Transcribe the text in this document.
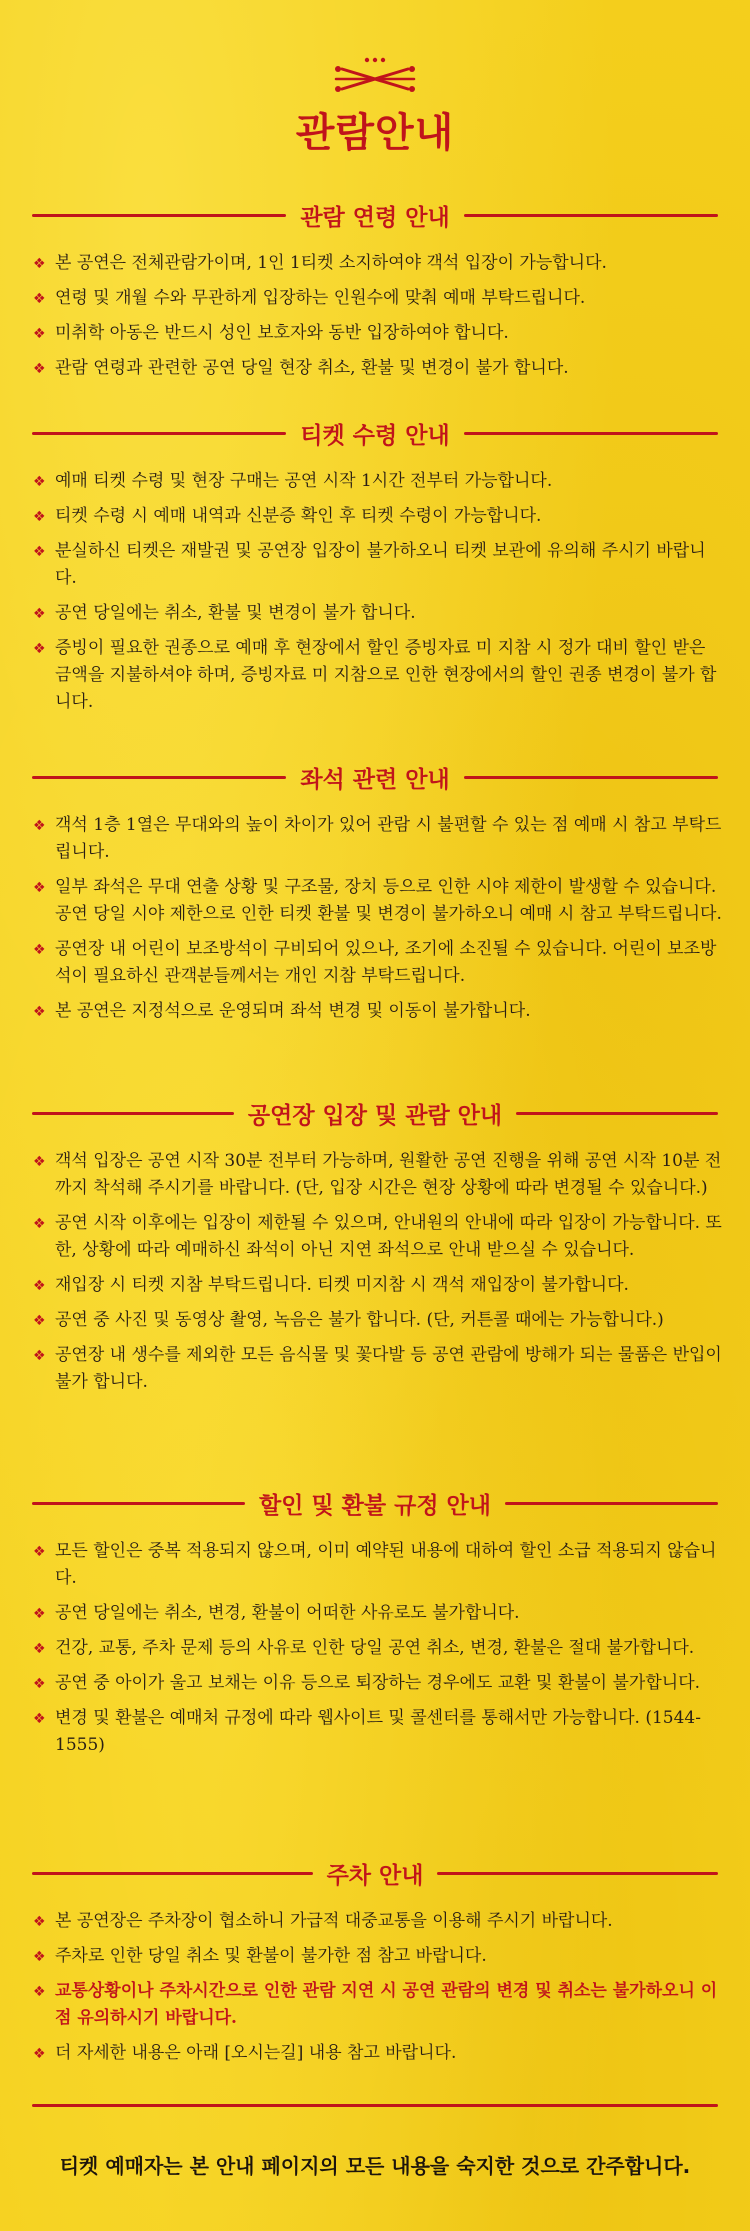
관람안내
관람 연령 안내
❖ 본 공연은 전체관람가이며, 1인 1티켓 소지하여야 객석 입장이 가능합니다.
❖ 연령 및 개월 수와 무관하게 입장하는 인원수에 맞춰 예매 부탁드립니다.
❖ 미취학 아동은 반드시 성인 보호자와 동반 입장하여야 합니다.
❖ 관람 연령과 관련한 공연 당일 현장 취소, 환불 및 변경이 불가 합니다.
티켓 수령 안내
❖ 예매 티켓 수령 및 현장 구매는 공연 시작 1시간 전부터 가능합니다.
❖ 티켓 수령 시 예매 내역과 신분증 확인 후 티켓 수령이 가능합니다.
❖ 분실하신 티켓은 재발권 및 공연장 입장이 불가하오니 티켓 보관에 유의해 주시기 바랍니다.
❖ 공연 당일에는 취소, 환불 및 변경이 불가 합니다.
❖ 증빙이 필요한 권종으로 예매 후 현장에서 할인 증빙자료 미 지참 시 정가 대비 할인 받은 금액을 지불하셔야 하며, 증빙자료 미 지참으로 인한 현장에서의 할인 권종 변경이 불가 합니다.
좌석 관련 안내
❖ 객석 1층 1열은 무대와의 높이 차이가 있어 관람 시 불편할 수 있는 점 예매 시 참고 부탁드립니다.
❖ 일부 좌석은 무대 연출 상황 및 구조물, 장치 등으로 인한 시야 제한이 발생할 수 있습니다. 공연 당일 시야 제한으로 인한 티켓 환불 및 변경이 불가하오니 예매 시 참고 부탁드립니다.
❖ 공연장 내 어린이 보조방석이 구비되어 있으나, 조기에 소진될 수 있습니다. 어린이 보조방석이 필요하신 관객분들께서는 개인 지참 부탁드립니다.
❖ 본 공연은 지정석으로 운영되며 좌석 변경 및 이동이 불가합니다.
공연장 입장 및 관람 안내
❖ 객석 입장은 공연 시작 30분 전부터 가능하며, 원활한 공연 진행을 위해 공연 시작 10분 전까지 착석해 주시기를 바랍니다. (단, 입장 시간은 현장 상황에 따라 변경될 수 있습니다.)
❖ 공연 시작 이후에는 입장이 제한될 수 있으며, 안내원의 안내에 따라 입장이 가능합니다. 또한, 상황에 따라 예매하신 좌석이 아닌 지연 좌석으로 안내 받으실 수 있습니다.
❖ 재입장 시 티켓 지참 부탁드립니다. 티켓 미지참 시 객석 재입장이 불가합니다.
❖ 공연 중 사진 및 동영상 촬영, 녹음은 불가 합니다. (단, 커튼콜 때에는 가능합니다.)
❖ 공연장 내 생수를 제외한 모든 음식물 및 꽃다발 등 공연 관람에 방해가 되는 물품은 반입이 불가 합니다.
할인 및 환불 규정 안내
❖ 모든 할인은 중복 적용되지 않으며, 이미 예약된 내용에 대하여 할인 소급 적용되지 않습니다.
❖ 공연 당일에는 취소, 변경, 환불이 어떠한 사유로도 불가합니다.
❖ 건강, 교통, 주차 문제 등의 사유로 인한 당일 공연 취소, 변경, 환불은 절대 불가합니다.
❖ 공연 중 아이가 울고 보채는 이유 등으로 퇴장하는 경우에도 교환 및 환불이 불가합니다.
❖ 변경 및 환불은 예매처 규정에 따라 웹사이트 및 콜센터를 통해서만 가능합니다. (1544-1555)
주차 안내
❖ 본 공연장은 주차장이 협소하니 가급적 대중교통을 이용해 주시기 바랍니다.
❖ 주차로 인한 당일 취소 및 환불이 불가한 점 참고 바랍니다.
❖ 교통상황이나 주차시간으로 인한 관람 지연 시 공연 관람의 변경 및 취소는 불가하오니 이 점 유의하시기 바랍니다.
❖ 더 자세한 내용은 아래 [오시는길] 내용 참고 바랍니다.
티켓 예매자는 본 안내 페이지의 모든 내용을 숙지한 것으로 간주합니다.
